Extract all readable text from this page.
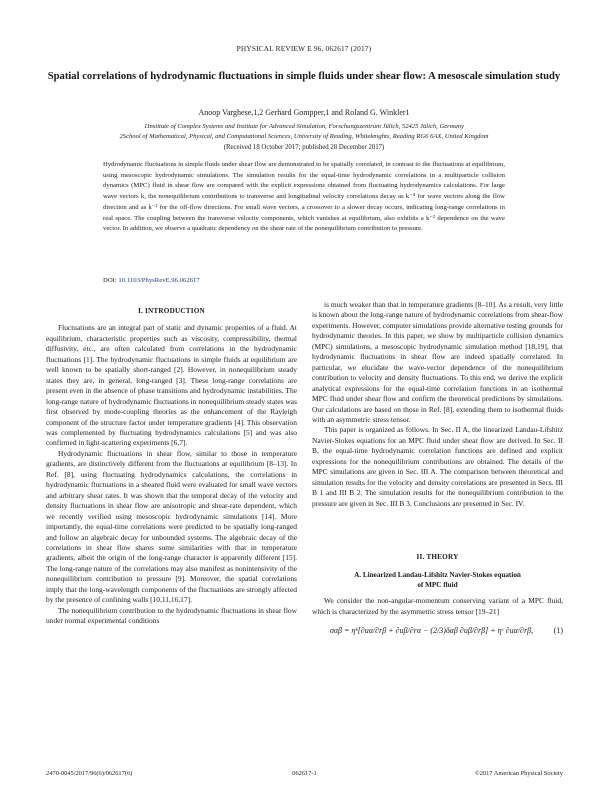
PHYSICAL REVIEW E 96, 062617 (2017)
Spatial correlations of hydrodynamic fluctuations in simple fluids under shear flow: A mesoscale simulation study
Anoop Varghese,1,2 Gerhard Gompper,1 and Roland G. Winkler1
1Institute of Complex Systems and Institute for Advanced Simulation, Forschungszentrum Jülich, 52425 Jülich, Germany
2School of Mathematical, Physical, and Computational Sciences, University of Reading, Whiteknights, Reading RG6 6AX, United Kingdom
(Received 18 October 2017; published 28 December 2017)
Hydrodynamic fluctuations in simple fluids under shear flow are demonstrated to be spatially correlated, in contrast to the fluctuations at equilibrium, using mesoscopic hydrodynamic simulations. The simulation results for the equal-time hydrodynamic correlations in a multiparticle collision dynamics (MPC) fluid in shear flow are compared with the explicit expressions obtained from fluctuating hydrodynamics calculations. For large wave vectors k, the nonequilibrium contributions to transverse and longitudinal velocity correlations decay as k⁻⁴ for wave vectors along the flow direction and as k⁻² for the off-flow directions. For small wave vectors, a crossover to a slower decay occurs, indicating long-range correlations in real space. The coupling between the transverse velocity components, which vanishes at equilibrium, also exhibits a k⁻² dependence on the wave vector. In addition, we observe a quadratic dependency on the shear rate of the nonequilibrium contribution to pressure.
DOI: 10.1103/PhysRevE.96.062617
I. INTRODUCTION

Fluctuations are an integral part of static and dynamic properties of a fluid. At equilibrium, characteristic properties such as viscosity, compressibility, thermal diffusivity, etc., are often calculated from correlations in the hydrodynamic fluctuations [1]. The hydrodynamic fluctuations in simple fluids at equilibrium are well known to be spatially short-ranged [2]. However, in nonequilibrium steady states they are, in general, long-ranged [3]. These long-range correlations are present even in the absence of phase transitions and hydrodynamic instabilities. The long-range nature of hydrodynamic fluctuations in nonequilibrium steady states was first observed by mode-coupling theories as the enhancement of the Rayleigh component of the structure factor under temperature gradients [4]. This observation was complemented by fluctuating hydrodynamics calculations [5] and was also confirmed in light-scattering experiments [6,7].

Hydrodynamic fluctuations in shear flow, similar to those in temperature gradients, are distinctively different from the fluctuations at equilibrium [8–13]. In Ref. [8], using fluctuating hydrodynamics calculations, the correlations in hydrodynamic fluctuations in a sheared fluid were evaluated for small wave vectors and arbitrary shear rates. It was shown that the temporal decay of the velocity and density fluctuations in shear flow are anisotropic and shear-rate dependent, which we recently verified using mesoscopic hydrodynamic simulations [14]. More importantly, the equal-time correlations were predicted to be spatially long-ranged and follow an algebraic decay for unbounded systems. The algebraic decay of the correlations in shear flow shares some similarities with that in temperature gradients, albeit the origin of the long-range character is apparently different [15]. The long-range nature of the correlations may also manifest as nonintensivity of the nonequilibrium contribution to pressure [9]. Moreover, the spatial correlations imply that the long-wavelength components of the fluctuations are strongly affected by the presence of confining walls [10,11,16,17].

The nonequilibrium contribution to the hydrodynamic fluctuations in shear flow under normal experimental conditions

is much weaker than that in temperature gradients [8–10]. As a result, very little is known about the long-range nature of hydrodynamic correlations from shear-flow experiments. However, computer simulations provide alternative testing grounds for hydrodynamic theories. In this paper, we show by multiparticle collision dynamics (MPC) simulations, a mesoscopic hydrodynamic simulation method [18,19], that hydrodynamic fluctuations in shear flow are indeed spatially correlated. In particular, we elucidate the wave-vector dependence of the nonequilibrium contribution to velocity and density fluctuations. To this end, we derive the explicit analytical expressions for the equal-time correlation functions in an isothermal MPC fluid under shear flow and confirm the theoretical predictions by simulations. Our calculations are based on those in Ref. [8], extending them to isothermal fluids with an asymmetric stress tensor.

This paper is organized as follows. In Sec. II A, the linearized Landau-Lifshitz Navier-Stokes equations for an MPC fluid under shear flow are derived. In Sec. II B, the equal-time hydrodynamic correlation functions are defined and explicit expressions for the nonequilibrium contributions are obtained. The details of the MPC simulations are given in Sec. III A. The comparison between theoretical and simulation results for the velocity and density correlations are presented in Secs. III B 1 and III B 2. The simulation results for the nonequilibrium contribution to the pressure are given in Sec. III B 3. Conclusions are presented in Sec. IV.

II. THEORY
A. Linearized Landau-Lifshitz Navier-Stokes equation
of MPC fluid

We consider the non-angular-momentum conserving variant of a MPC fluid, which is characterized by the asymmetric stress tensor [19–21]

σαβ = ηᵏ[∂uα/∂rβ + ∂uβ/∂rα − (2/3)δαβ ∂uβ/∂rβ] + ηᶜ ∂uα/∂rβ,	(1)
2470-0045/2017/96(6)/062617(6)	062617-1	©2017 American Physical Society
